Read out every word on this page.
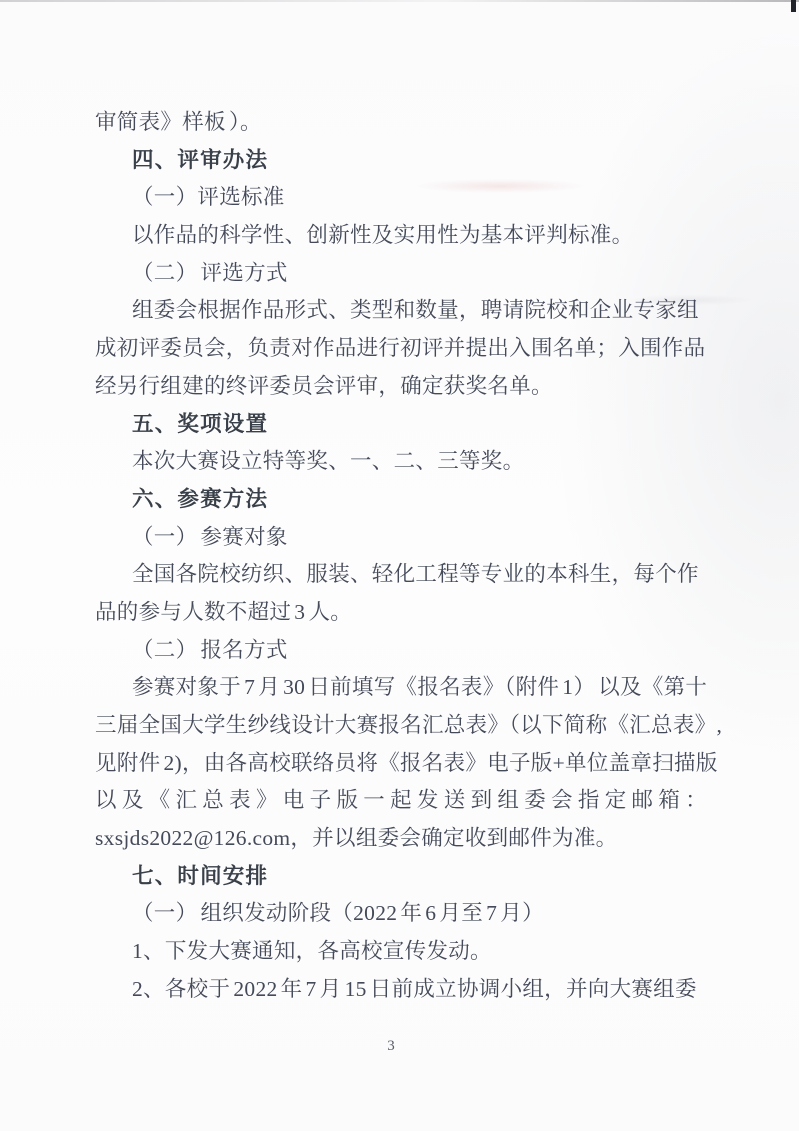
审简表》样板 ）。
四、评审办法
（一）评选标准
以作品的科学性、创新性及实用性为基本评判标准。
（二） 评选方式
组委会根据作品形式、类型和数量，聘请院校和企业专家组
成初评委员会，负责对作品进行初评并提出入围名单；入围作品
经另行组建的终评委员会评审，确定获奖名单。
五、奖项设置
本次大赛设立特等奖、一、二、三等奖。
六、参赛方法
（一） 参赛对象
全国各院校纺织、服装、轻化工程等专业的本科生，每个作
品的参与人数不超过 3 人。
（二） 报名方式
参赛对象于 7 月 30 日前填写《报名表》（附件 1） 以及《第十
三届全国大学生纱线设计大赛报名汇总表》（以下简称《汇总表》,
见附件 2)，由各高校联络员将《报名表》电子版+单位盖章扫描版
以及《汇总表》电子版一起发送到组委会指定邮箱：
sxsjds2022@126.com，并以组委会确定收到邮件为准。
七、时间安排
（一） 组织发动阶段（2022 年 6 月至 7 月）
1、下发大赛通知，各高校宣传发动。
2、各校于 2022 年 7 月 15 日前成立协调小组，并向大赛组委
3
